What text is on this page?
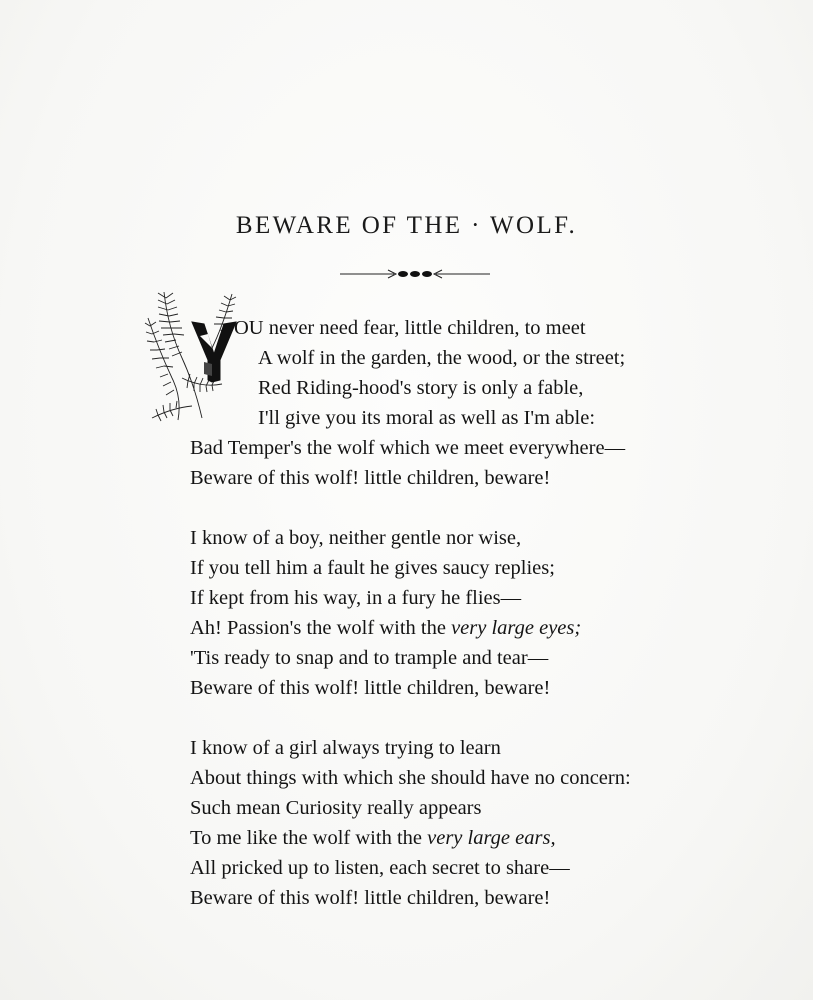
BEWARE OF THE · WOLF.

OU never need fear, little children, to meet

A wolf in the garden, the wood, or the street;

Red Riding-hood's story is only a fable,

I'll give you its moral as well as I'm able:

Bad Temper's the wolf which we meet everywhere—

Beware of this wolf! little children, beware!

I know of a boy, neither gentle nor wise,

If you tell him a fault he gives saucy replies;

If kept from his way, in a fury he flies—

Ah! Passion's the wolf with the very large eyes;

'Tis ready to snap and to trample and tear—

Beware of this wolf! little children, beware!

I know of a girl always trying to learn

About things with which she should have no concern:

Such mean Curiosity really appears

To me like the wolf with the very large ears,

All pricked up to listen, each secret to share—

Beware of this wolf! little children, beware!
